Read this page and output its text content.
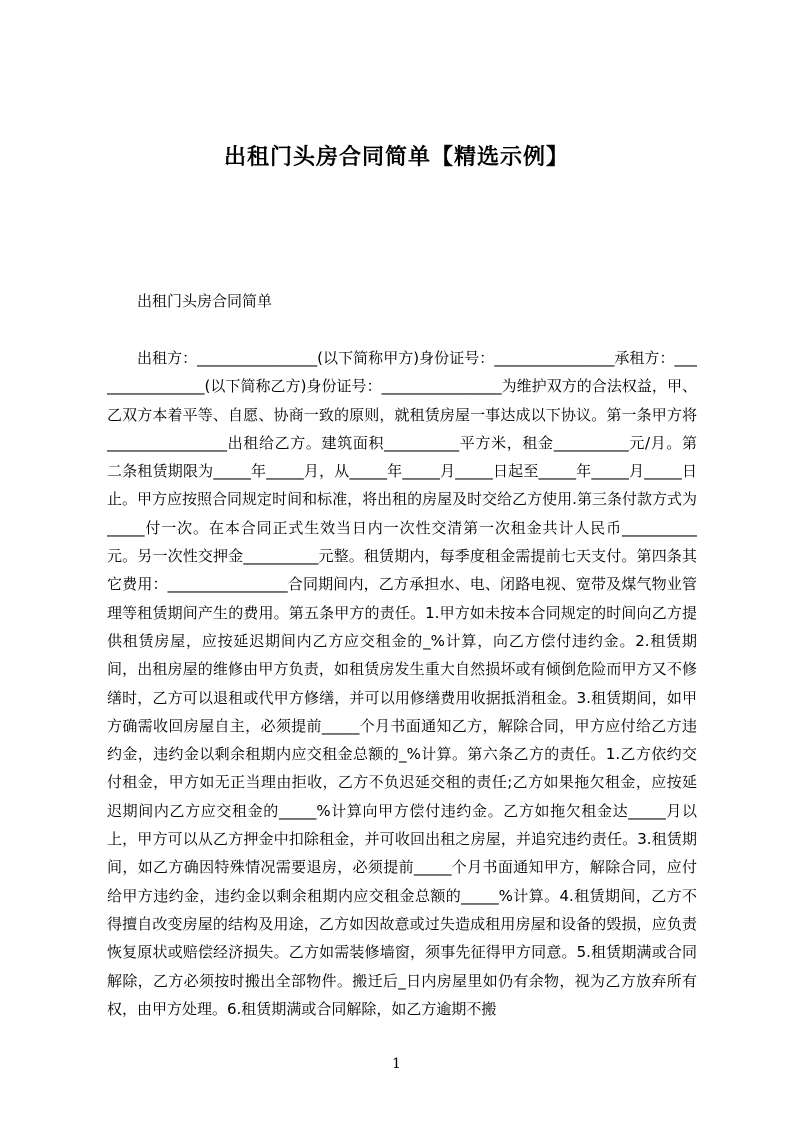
出租门头房合同简单【精选示例】
出租门头房合同简单
出租方：________________(以下简称甲方)身份证号：________________承租方：________________(以下简称乙方)身份证号：________________为维护双方的合法权益，甲、乙双方本着平等、自愿、协商一致的原则，就租赁房屋一事达成以下协议。第一条甲方将________________出租给乙方。建筑面积__________平方米，租金__________元/月。第二条租赁期限为_____年_____月，从_____年_____月_____日起至_____年_____月_____日止。甲方应按照合同规定时间和标准，将出租的房屋及时交给乙方使用.第三条付款方式为_____付一次。在本合同正式生效当日内一次性交清第一次租金共计人民币__________元。另一次性交押金__________元整。租赁期内，每季度租金需提前七天支付。第四条其它费用：________________合同期间内，乙方承担水、电、闭路电视、宽带及煤气物业管理等租赁期间产生的费用。第五条甲方的责任。1.甲方如未按本合同规定的时间向乙方提供租赁房屋，应按延迟期间内乙方应交租金的_%计算，向乙方偿付违约金。2.租赁期间，出租房屋的维修由甲方负责，如租赁房发生重大自然损坏或有倾倒危险而甲方又不修缮时，乙方可以退租或代甲方修缮，并可以用修缮费用收据抵消租金。3.租赁期间，如甲方确需收回房屋自主，必须提前_____个月书面通知乙方，解除合同，甲方应付给乙方违约金，违约金以剩余租期内应交租金总额的_%计算。第六条乙方的责任。1.乙方依约交付租金，甲方如无正当理由拒收，乙方不负迟延交租的责任;乙方如果拖欠租金，应按延迟期间内乙方应交租金的_____%计算向甲方偿付违约金。乙方如拖欠租金达_____月以上，甲方可以从乙方押金中扣除租金，并可收回出租之房屋，并追究违约责任。3.租赁期间，如乙方确因特殊情况需要退房，必须提前_____个月书面通知甲方，解除合同，应付给甲方违约金，违约金以剩余租期内应交租金总额的_____%计算。4.租赁期间，乙方不得擅自改变房屋的结构及用途，乙方如因故意或过失造成租用房屋和设备的毁损，应负责恢复原状或赔偿经济损失。乙方如需装修墙窗，须事先征得甲方同意。5.租赁期满或合同解除，乙方必须按时搬出全部物件。搬迁后_日内房屋里如仍有余物，视为乙方放弃所有权，由甲方处理。6.租赁期满或合同解除，如乙方逾期不搬
1
